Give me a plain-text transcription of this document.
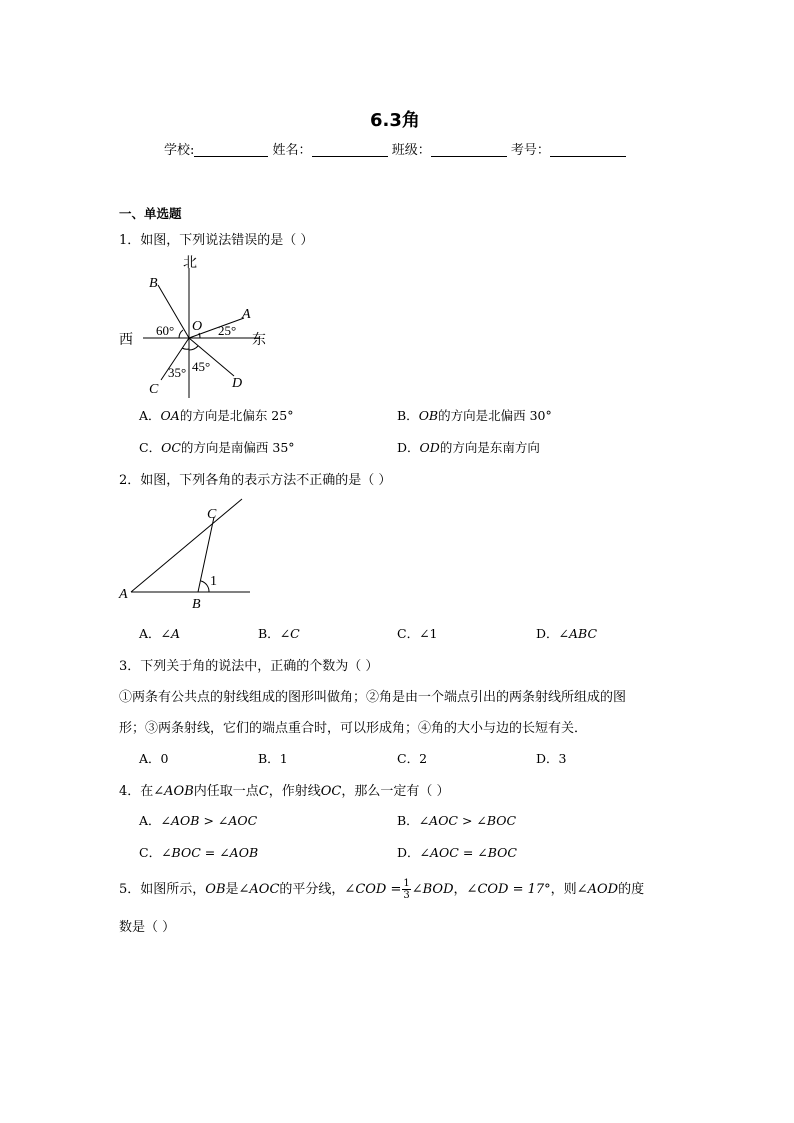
6.3角
学校:	姓名：	班级：	考号：
一、单选题
1．如图，下列说法错误的是（ ）
北
西	东
B
A
C	D
O
60°	25°
35° 45°
A．OA的方向是北偏东 25°	B．OB的方向是北偏西 30°
C．OC的方向是南偏西 35°	D．OD的方向是东南方向
2．如图，下列各角的表示方法不正确的是（ ）
A
B
C
1
A．∠A	B．∠C	C．∠1	D．∠ABC
3．下列关于角的说法中，正确的个数为（ ）
①两条有公共点的射线组成的图形叫做角；②角是由一个端点引出的两条射线所组成的图
形；③两条射线，它们的端点重合时，可以形成角；④角的大小与边的长短有关．
A．0	B．1	C．2	D．3
4．在∠AOB内任取一点C，作射线OC，那么一定有（ ）
A．∠AOB > ∠AOC	B．∠AOC > ∠BOC
C．∠BOC = ∠AOB	D．∠AOC = ∠BOC
5．如图所示，OB是∠AOC的平分线，∠COD = $\frac{1}{3}$ ∠BOD，∠COD = 17°，则∠AOD的度
数是（ ）
